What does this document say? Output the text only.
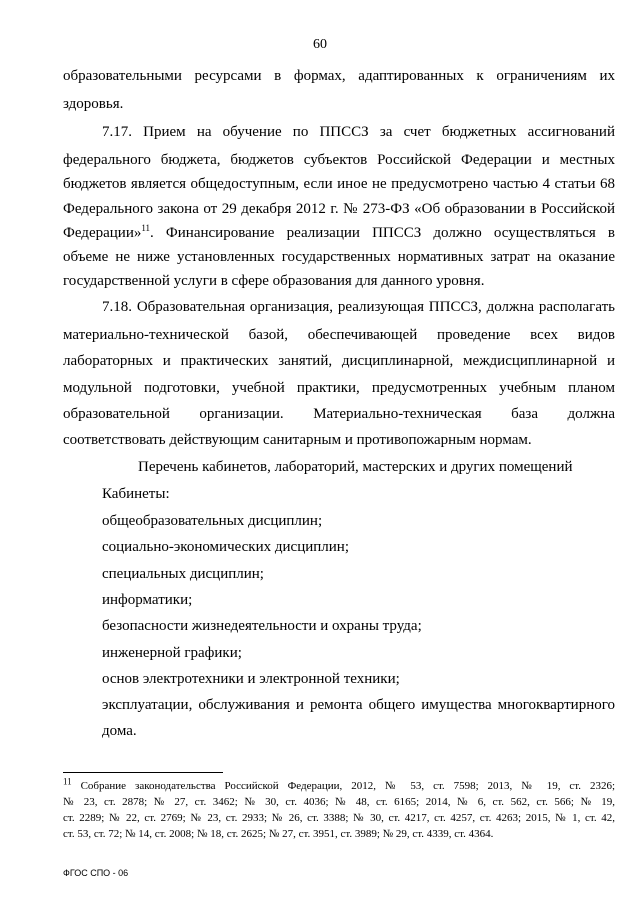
60
образовательными ресурсами в формах, адаптированных к ограничениям их
здоровья.
7.17. Прием на обучение по ППССЗ за счет бюджетных ассигнований
федерального бюджета, бюджетов субъектов Российской Федерации и местных
бюджетов является общедоступным, если иное не предусмотрено частью 4 статьи 68
Федерального закона от 29 декабря 2012 г. № 273-ФЗ «Об образовании в Российской
Федерации»$^{11}$. Финансирование реализации ППССЗ должно осуществляться в
объеме не ниже установленных государственных нормативных затрат на оказание
государственной услуги в сфере образования для данного уровня.
7.18. Образовательная организация, реализующая ППССЗ, должна располагать
материально-технической базой, обеспечивающей проведение всех видов
лабораторных и практических занятий, дисциплинарной, междисциплинарной и
модульной подготовки, учебной практики, предусмотренных учебным планом
образовательной организации. Материально-техническая база должна
соответствовать действующим санитарным и противопожарным нормам.
Перечень кабинетов, лабораторий, мастерских и других помещений
Кабинеты:
общеобразовательных дисциплин;
социально-экономических дисциплин;
специальных дисциплин;
информатики;
безопасности жизнедеятельности и охраны труда;
инженерной графики;
основ электротехники и электронной техники;
эксплуатации, обслуживания и ремонта общего имущества многоквартирного
дома.
$^{11}$ Собрание законодательства Российской Федерации, 2012, № 53, ст. 7598; 2013, № 19, ст. 2326;
№ 23, ст. 2878; № 27, ст. 3462; № 30, ст. 4036; № 48, ст. 6165; 2014, № 6, ст. 562, ст. 566; № 19,
ст. 2289; № 22, ст. 2769; № 23, ст. 2933; № 26, ст. 3388; № 30, ст. 4217, ст. 4257, ст. 4263; 2015, № 1, ст. 42,
ст. 53, ст. 72; № 14, ст. 2008; № 18, ст. 2625; № 27, ст. 3951, ст. 3989; № 29, ст. 4339, ст. 4364.
ФГОС СПО - 06
